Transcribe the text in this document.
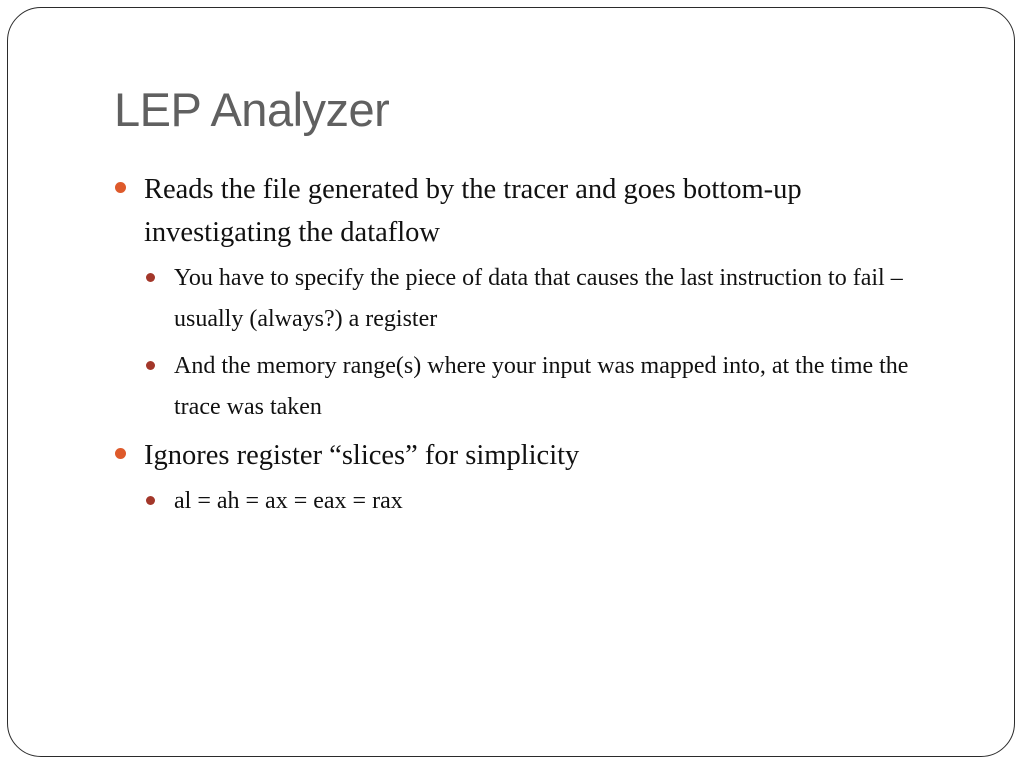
LEP Analyzer
Reads the file generated by the tracer and goes bottom-up investigating the dataflow
You have to specify the piece of data that causes the last instruction to fail – usually (always?) a register
And the memory range(s) where your input was mapped into, at the time the trace was taken
Ignores register “slices” for simplicity
al = ah = ax = eax = rax
